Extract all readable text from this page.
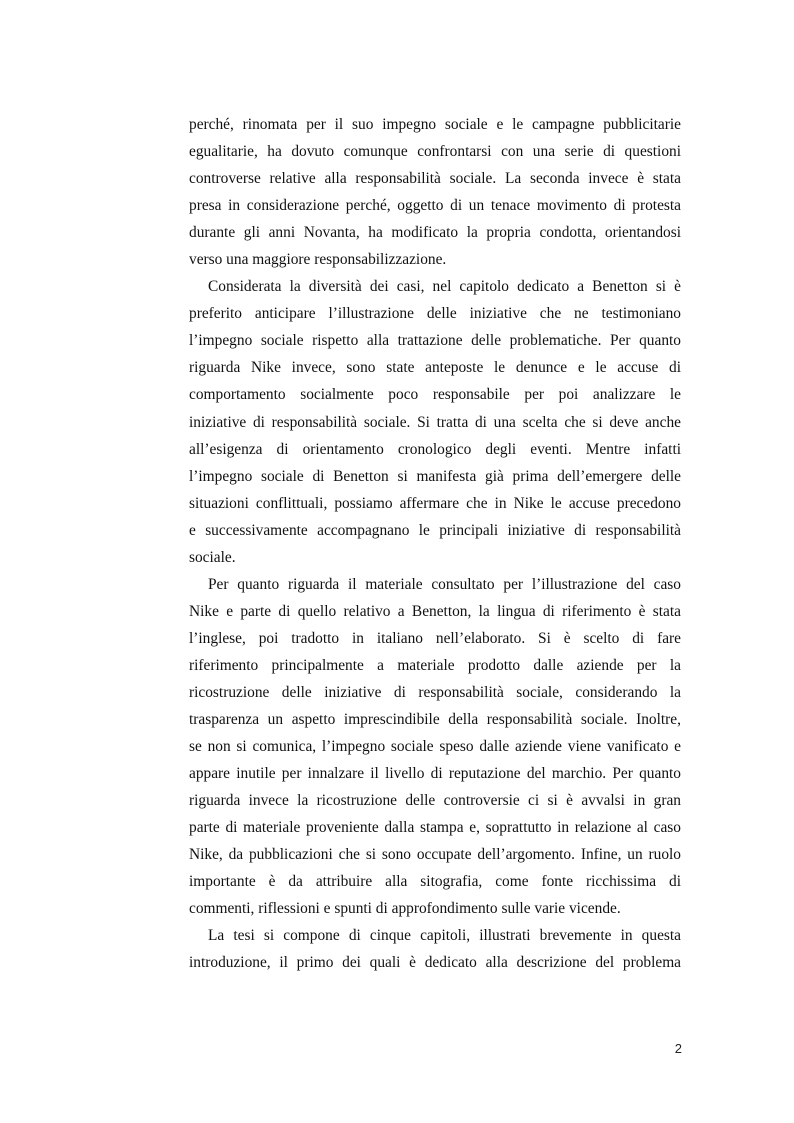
perché, rinomata per il suo impegno sociale e le campagne pubblicitarie
egualitarie, ha dovuto comunque confrontarsi con una serie di questioni
controverse relative alla responsabilità sociale. La seconda invece è stata
presa in considerazione perché, oggetto di un tenace movimento di protesta
durante gli anni Novanta, ha modificato la propria condotta, orientandosi
verso una maggiore responsabilizzazione.
Considerata la diversità dei casi, nel capitolo dedicato a Benetton si è
preferito anticipare l’illustrazione delle iniziative che ne testimoniano
l’impegno sociale rispetto alla trattazione delle problematiche. Per quanto
riguarda Nike invece, sono state anteposte le denunce e le accuse di
comportamento socialmente poco responsabile per poi analizzare le
iniziative di responsabilità sociale. Si tratta di una scelta che si deve anche
all’esigenza di orientamento cronologico degli eventi. Mentre infatti
l’impegno sociale di Benetton si manifesta già prima dell’emergere delle
situazioni conflittuali, possiamo affermare che in Nike le accuse precedono
e successivamente accompagnano le principali iniziative di responsabilità
sociale.
Per quanto riguarda il materiale consultato per l’illustrazione del caso
Nike e parte di quello relativo a Benetton, la lingua di riferimento è stata
l’inglese, poi tradotto in italiano nell’elaborato. Si è scelto di fare
riferimento principalmente a materiale prodotto dalle aziende per la
ricostruzione delle iniziative di responsabilità sociale, considerando la
trasparenza un aspetto imprescindibile della responsabilità sociale. Inoltre,
se non si comunica, l’impegno sociale speso dalle aziende viene vanificato e
appare inutile per innalzare il livello di reputazione del marchio. Per quanto
riguarda invece la ricostruzione delle controversie ci si è avvalsi in gran
parte di materiale proveniente dalla stampa e, soprattutto in relazione al caso
Nike, da pubblicazioni che si sono occupate dell’argomento. Infine, un ruolo
importante è da attribuire alla sitografia, come fonte ricchissima di
commenti, riflessioni e spunti di approfondimento sulle varie vicende.
La tesi si compone di cinque capitoli, illustrati brevemente in questa
introduzione, il primo dei quali è dedicato alla descrizione del problema
2
